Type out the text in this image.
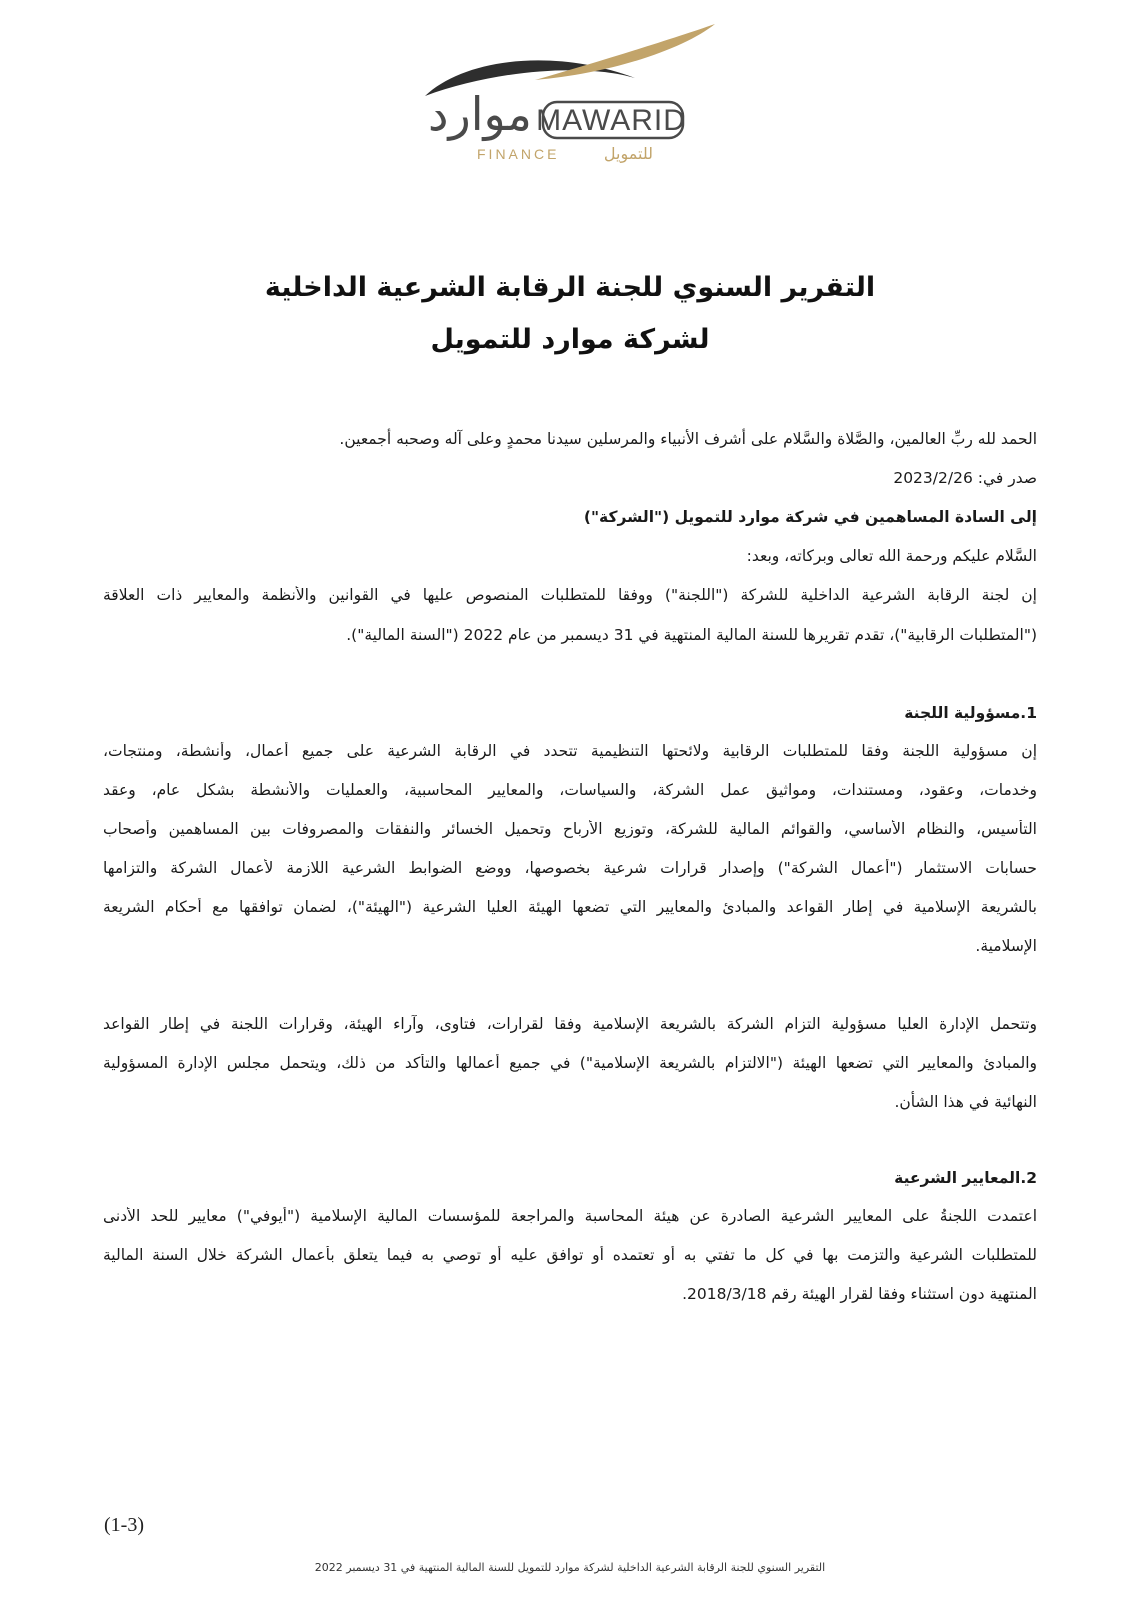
موارد MAWARID
FINANCE	للتمويل
التقرير السنوي للجنة الرقابة الشرعية الداخلية
لشركة موارد للتمويل
الحمد لله ربِّ العالمين، والصَّلاة والسَّلام على أشرف الأنبياء والمرسلين سيدنا محمدٍ وعلى آله وصحبه أجمعين.
صدر في: 2023/2/26
إلى السادة المساهمين في شركة موارد للتمويل ("الشركة")
السَّلام عليكم ورحمة الله تعالى وبركاته، وبعد:
إن لجنة الرقابة الشرعية الداخلية للشركة ("اللجنة") ووفقا للمتطلبات المنصوص عليها في القوانين والأنظمة والمعايير ذات العلاقة
("المتطلبات الرقابية")، تقدم تقريرها للسنة المالية المنتهية في 31 ديسمبر من عام 2022 ("السنة المالية").
1.مسؤولية اللجنة
إن مسؤولية اللجنة وفقا للمتطلبات الرقابية ولائحتها التنظيمية تتحدد في الرقابة الشرعية على جميع أعمال، وأنشطة، ومنتجات،
وخدمات، وعقود، ومستندات، ومواثيق عمل الشركة، والسياسات، والمعايير المحاسبية، والعمليات والأنشطة بشكل عام، وعقد
التأسيس، والنظام الأساسي، والقوائم المالية للشركة، وتوزيع الأرباح وتحميل الخسائر والنفقات والمصروفات بين المساهمين وأصحاب
حسابات الاستثمار ("أعمال الشركة") وإصدار قرارات شرعية بخصوصها، ووضع الضوابط الشرعية اللازمة لأعمال الشركة والتزامها
بالشريعة الإسلامية في إطار القواعد والمبادئ والمعايير التي تضعها الهيئة العليا الشرعية ("الهيئة")، لضمان توافقها مع أحكام الشريعة
الإسلامية.
وتتحمل الإدارة العليا مسؤولية التزام الشركة بالشريعة الإسلامية وفقا لقرارات، فتاوى، وآراء الهيئة، وقرارات اللجنة في إطار القواعد
والمبادئ والمعايير التي تضعها الهيئة ("الالتزام بالشريعة الإسلامية") في جميع أعمالها والتأكد من ذلك، ويتحمل مجلس الإدارة المسؤولية
النهائية في هذا الشأن.
2.المعايير الشرعية
اعتمدت اللجنةُ على المعايير الشرعية الصادرة عن هيئة المحاسبة والمراجعة للمؤسسات المالية الإسلامية ("أيوفي") معايير للحد الأدنى
للمتطلبات الشرعية والتزمت بها في كل ما تفتي به أو تعتمده أو توافق عليه أو توصي به فيما يتعلق بأعمال الشركة خلال السنة المالية
المنتهية دون استثناء وفقا لقرار الهيئة رقم 2018/3/18.
(1-3)
التقرير السنوي للجنة الرقابة الشرعية الداخلية لشركة موارد للتمويل للسنة المالية المنتهية في 31 ديسمبر 2022
